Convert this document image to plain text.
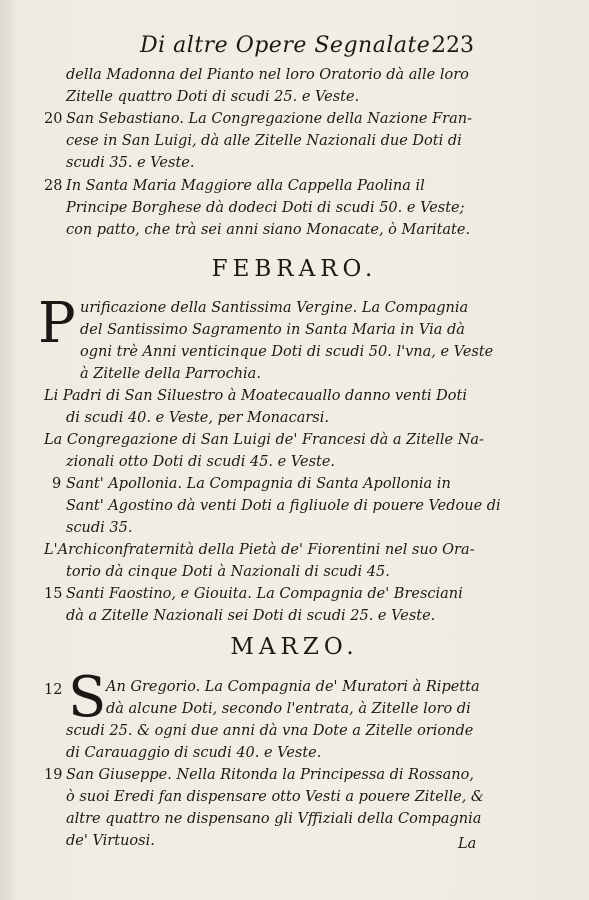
Di altre Opere Segnalate.
223
della Madonna del Pianto nel loro Oratorio dà alle loro
Zitelle quattro Doti di scudi 25. e Veste.
20 San Sebastiano. La Congregazione della Nazione Fran-
cese in San Luigi, dà alle Zitelle Nazionali due Doti di
scudi 35. e Veste.
28 In Santa Maria Maggiore alla Cappella Paolina il
Principe Borghese dà dodeci Doti di scudi 50. e Veste;
con patto, che trà sei anni siano Monacate, ò Maritate.
FEBRARO.
P urificazione della Santissima Vergine. La Compagnia
del Santissimo Sagramento in Santa Maria in Via dà
ogni trè Anni venticinque Doti di scudi 50. l'vna, e Veste
à Zitelle della Parrochia.
Li Padri di San Siluestro à Moatecauallo danno venti Doti
di scudi 40. e Veste, per Monacarsi.
La Congregazione di San Luigi de' Francesi dà a Zitelle Na-
zionali otto Doti di scudi 45. e Veste.
9 Sant' Apollonia. La Compagnia di Santa Apollonia in
Sant' Agostino dà venti Doti a figliuole di pouere Vedoue di
scudi 35.
L'Archiconfraternità della Pietà de' Fiorentini nel suo Ora-
torio dà cinque Doti à Nazionali di scudi 45.
15 Santi Faostino, e Giouita. La Compagnia de' Bresciani
dà a Zitelle Nazionali sei Doti di scudi 25. e Veste.
MARZO.
12 S An Gregorio. La Compagnia de' Muratori à Ripetta
dà alcune Doti, secondo l'entrata, à Zitelle loro di
scudi 25. & ogni due anni dà vna Dote a Zitelle orionde
di Carauaggio di scudi 40. e Veste.
19 San Giuseppe. Nella Ritonda la Principessa di Rossano,
ò suoi Eredi fan dispensare otto Vesti a pouere Zitelle, &
altre quattro ne dispensano gli Vffiziali della Compagnia
de' Virtuosi.	La
